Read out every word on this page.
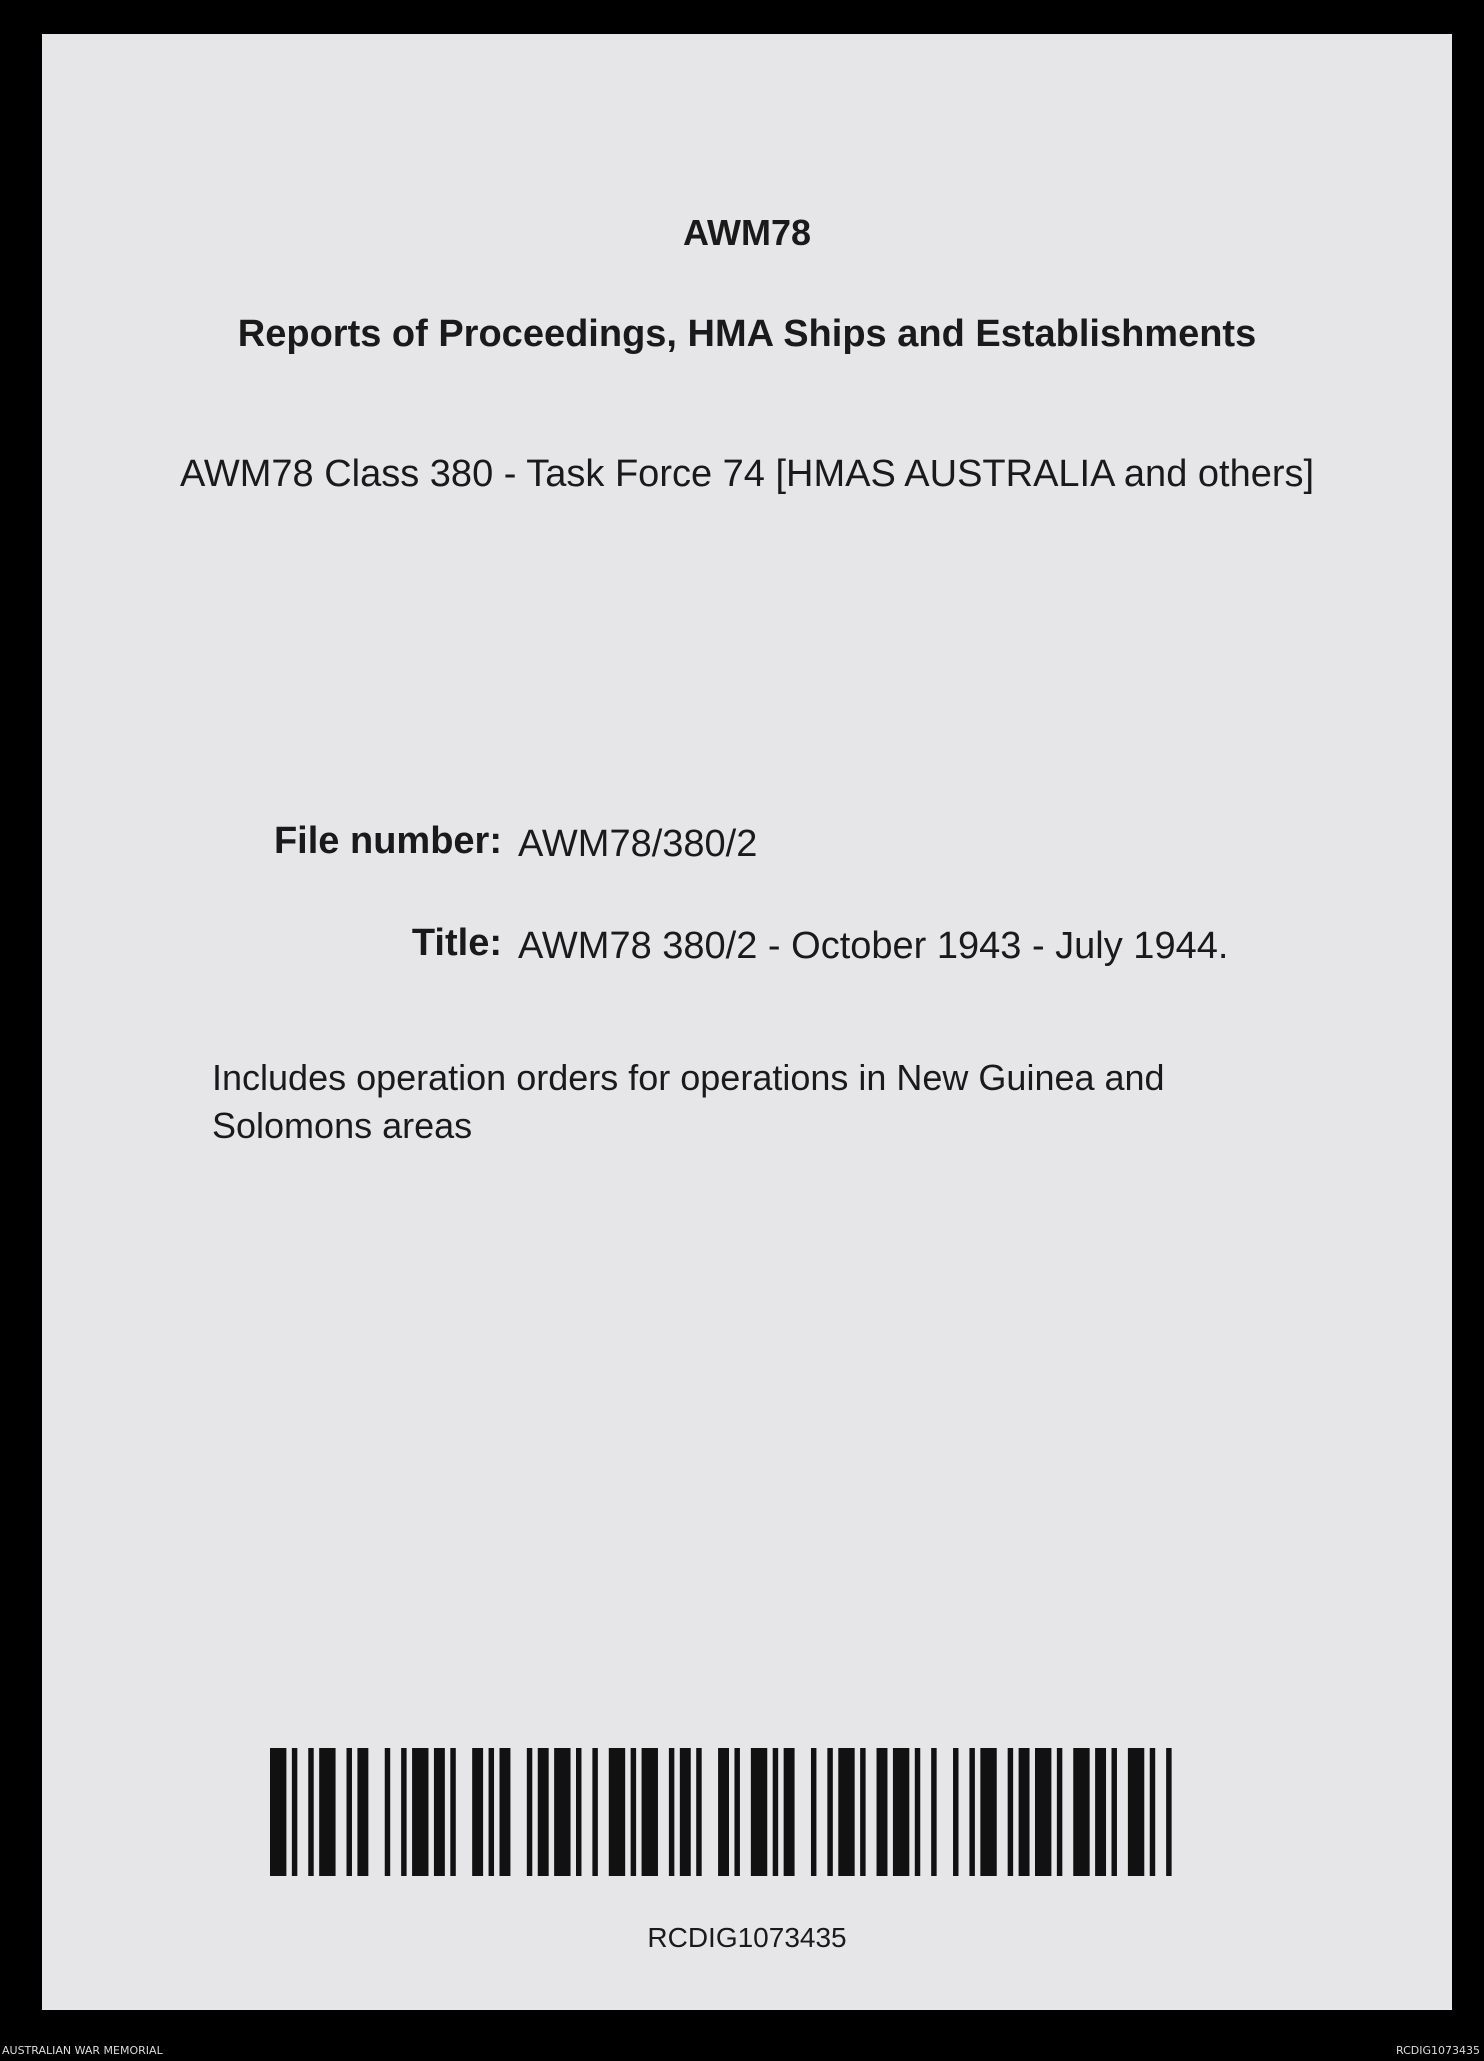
AWM78
Reports of Proceedings, HMA Ships and Establishments
AWM78 Class 380 - Task Force 74 [HMAS AUSTRALIA and others]
File number: AWM78/380/2
Title: AWM78 380/2 - October 1943 - July 1944.
Includes operation orders for operations in New Guinea and Solomons areas
RCDIG1073435
AUSTRALIAN WAR MEMORIAL	RCDIG1073435
